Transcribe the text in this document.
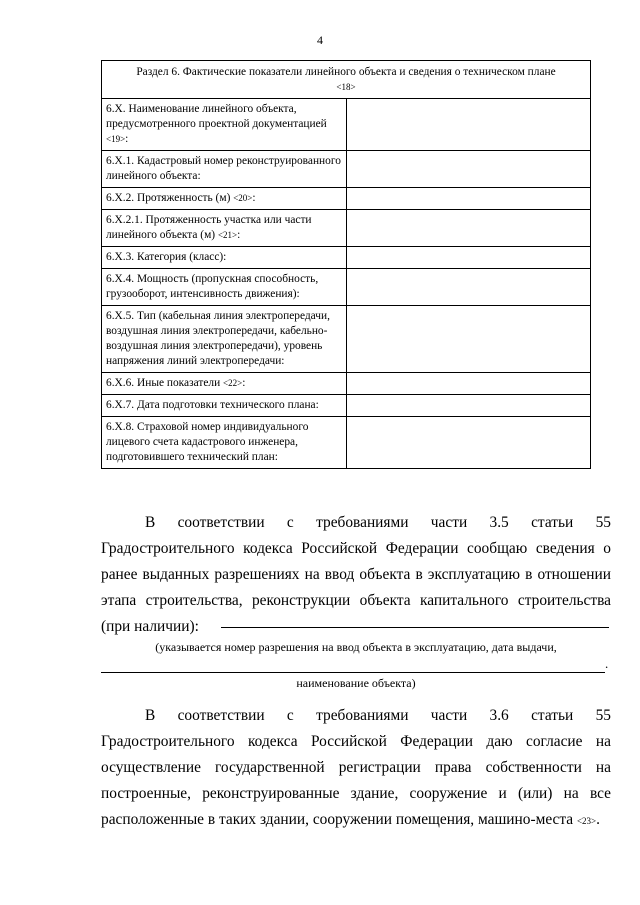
4
Раздел 6. Фактические показатели линейного объекта и сведения о техническом плане
<18>	
6.X. Наименование линейного объекта, предусмотренного проектной документацией <19>:	
6.X.1. Кадастровый номер реконструированного линейного объекта:	
6.X.2. Протяженность (м) <20>:	
6.X.2.1. Протяженность участка или части линейного объекта (м) <21>:	
6.X.3. Категория (класс):	
6.X.4. Мощность (пропускная способность, грузооборот, интенсивность движения):	
6.X.5. Тип (кабельная линия электропередачи, воздушная линия электропередачи, кабельно-воздушная линия электропередачи), уровень напряжения линий электропередачи:	
6.X.6. Иные показатели <22>:	
6.X.7. Дата подготовки технического плана:	
6.X.8. Страховой номер индивидуального лицевого счета кадастрового инженера, подготовившего технический план:	
В соответствии с требованиями части 3.5 статьи 55 Градостроительного кодекса Российской Федерации сообщаю сведения о ранее выданных разрешениях на ввод объекта в эксплуатацию в отношении этапа строительства, реконструкции объекта капитального строительства (при наличии):
(указывается номер разрешения на ввод объекта в эксплуатацию, дата выдачи,
.
наименование объекта)
В соответствии с требованиями части 3.6 статьи 55 Градостроительного кодекса Российской Федерации даю согласие на осуществление государственной регистрации права собственности на построенные, реконструированные здание, сооружение и (или) на все расположенные в таких здании, сооружении помещения, машино-места <23>.
